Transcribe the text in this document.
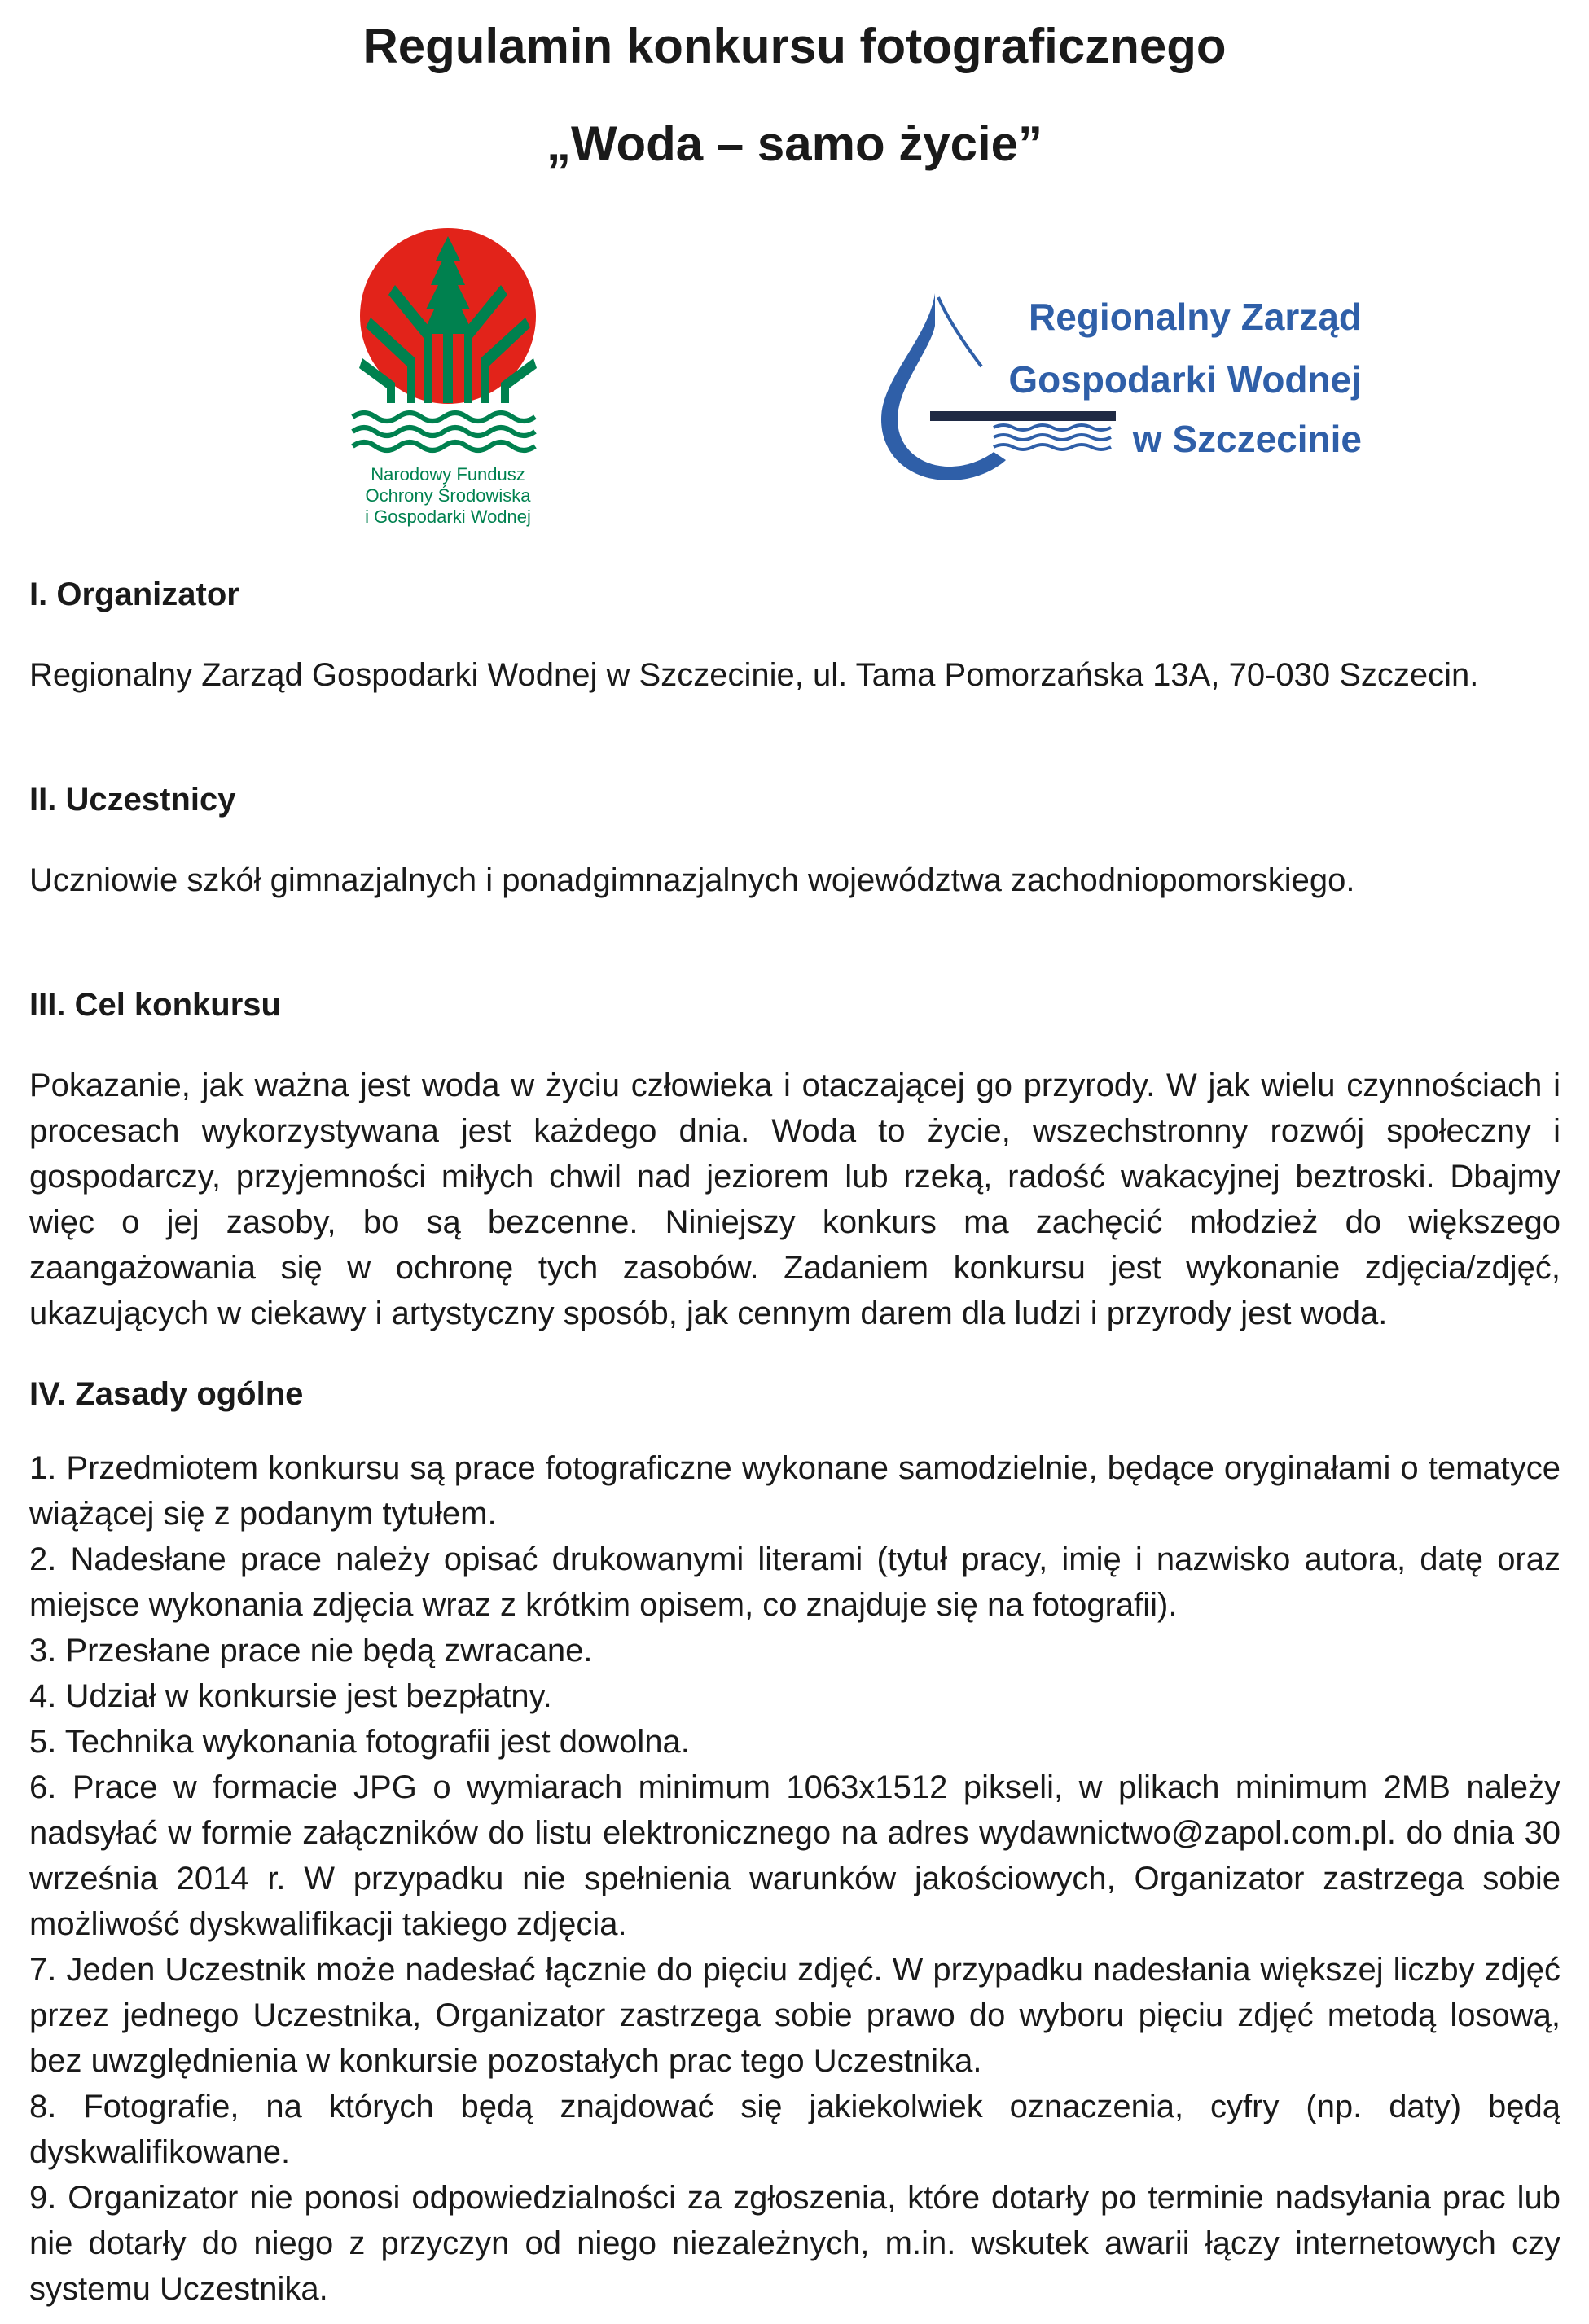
Regulamin konkursu fotograficznego
„Woda – samo życie”
Narodowy Fundusz
Ochrony Środowiska
i Gospodarki Wodnej
Regionalny Zarząd
Gospodarki Wodnej
w Szczecinie
I. Organizator

Regionalny Zarząd Gospodarki Wodnej w Szczecinie, ul. Tama Pomorzańska 13A, 70-030 Szczecin.

II. Uczestnicy

Uczniowie szkół gimnazjalnych i ponadgimnazjalnych województwa zachodniopomorskiego.

III. Cel konkursu

Pokazanie, jak ważna jest woda w życiu człowieka i otaczającej go przyrody. W jak wielu czynnościach i procesach wykorzystywana jest każdego dnia. Woda to życie, wszechstronny rozwój społeczny i gospodarczy, przyjemności miłych chwil nad jeziorem lub rzeką, radość wakacyjnej beztroski. Dbajmy więc o jej zasoby, bo są bezcenne. Niniejszy konkurs ma zachęcić młodzież do większego zaangażowania się w ochronę tych zasobów. Zadaniem konkursu jest wykonanie zdjęcia/zdjęć, ukazujących w ciekawy i artystyczny sposób, jak cennym darem dla ludzi i przyrody jest woda.

IV. Zasady ogólne
1. Przedmiotem konkursu są prace fotograficzne wykonane samodzielnie, będące oryginałami o tematyce wiążącej się z podanym tytułem.
2. Nadesłane prace należy opisać drukowanymi literami (tytuł pracy, imię i nazwisko autora, datę oraz miejsce wykonania zdjęcia wraz z krótkim opisem, co znajduje się na fotografii).
3. Przesłane prace nie będą zwracane.
4. Udział w konkursie jest bezpłatny.
5. Technika wykonania fotografii jest dowolna.
6. Prace w formacie JPG o wymiarach minimum 1063x1512 pikseli, w plikach minimum 2MB należy nadsyłać w formie załączników do listu elektronicznego na adres wydawnictwo@zapol.com.pl. do dnia 30 września 2014 r. W przypadku nie spełnienia warunków jakościowych, Organizator zastrzega sobie możliwość dyskwalifikacji takiego zdjęcia.
7. Jeden Uczestnik może nadesłać łącznie do pięciu zdjęć. W przypadku nadesłania większej liczby zdjęć przez jednego Uczestnika, Organizator zastrzega sobie prawo do wyboru pięciu zdjęć metodą losową, bez uwzględnienia w konkursie pozostałych prac tego Uczestnika.
8. Fotografie, na których będą znajdować się jakiekolwiek oznaczenia, cyfry (np. daty) będą dyskwalifikowane.
9. Organizator nie ponosi odpowiedzialności za zgłoszenia, które dotarły po terminie nadsyłania prac lub nie dotarły do niego z przyczyn od niego niezależnych, m.in. wskutek awarii łączy internetowych czy systemu Uczestnika.
